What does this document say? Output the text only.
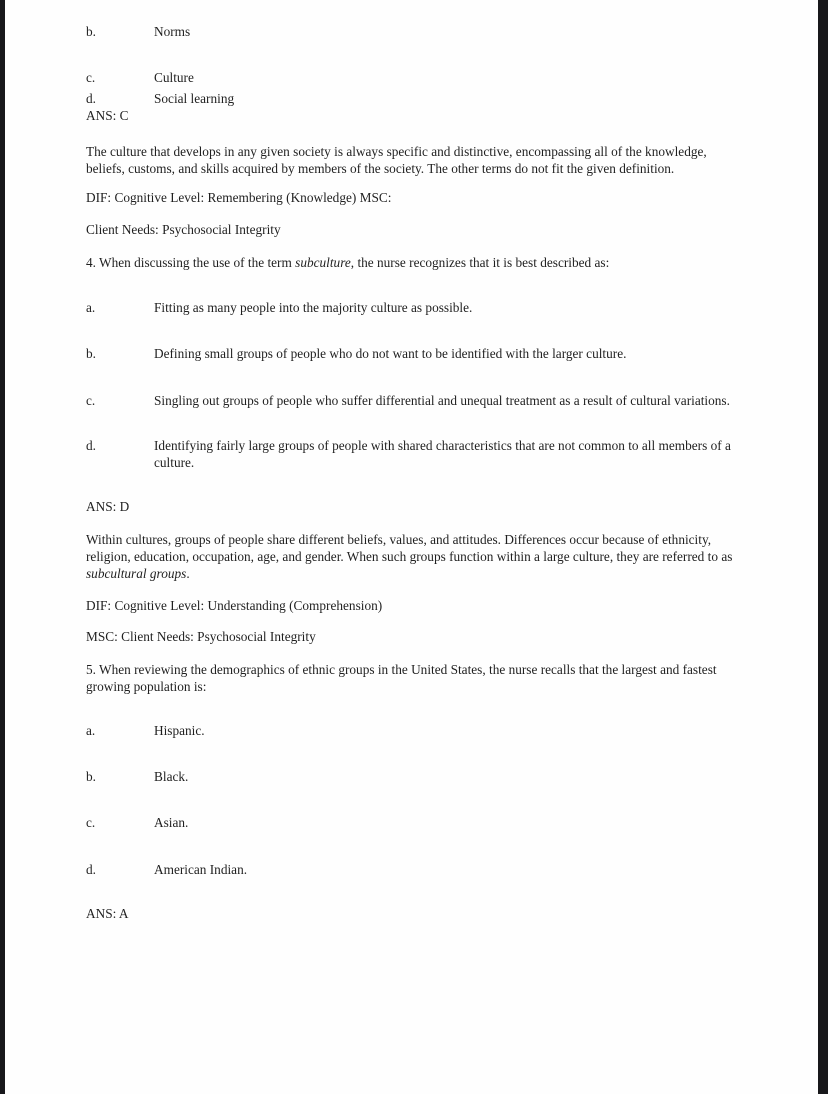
b.	Norms
c.	Culture
d.	Social learning

ANS: C

The culture that develops in any given society is always specific and distinctive, encompassing all of the knowledge, beliefs, customs, and skills acquired by members of the society. The other terms do not fit the given definition.

DIF: Cognitive Level: Remembering (Knowledge) MSC:

Client Needs: Psychosocial Integrity

4. When discussing the use of the term subculture, the nurse recognizes that it is best described as:

a.	Fitting as many people into the majority culture as possible.
b.	Defining small groups of people who do not want to be identified with the larger culture.
c.	Singling out groups of people who suffer differential and unequal treatment as a result of cultural variations.
d.	Identifying fairly large groups of people with shared characteristics that are not common to all members of a culture.

ANS: D

Within cultures, groups of people share different beliefs, values, and attitudes. Differences occur because of ethnicity, religion, education, occupation, age, and gender. When such groups function within a large culture, they are referred to as subcultural groups.

DIF: Cognitive Level: Understanding (Comprehension)

MSC: Client Needs: Psychosocial Integrity

5. When reviewing the demographics of ethnic groups in the United States, the nurse recalls that the largest and fastest growing population is:

a.	Hispanic.
b.	Black.
c.	Asian.
d.	American Indian.

ANS: A
